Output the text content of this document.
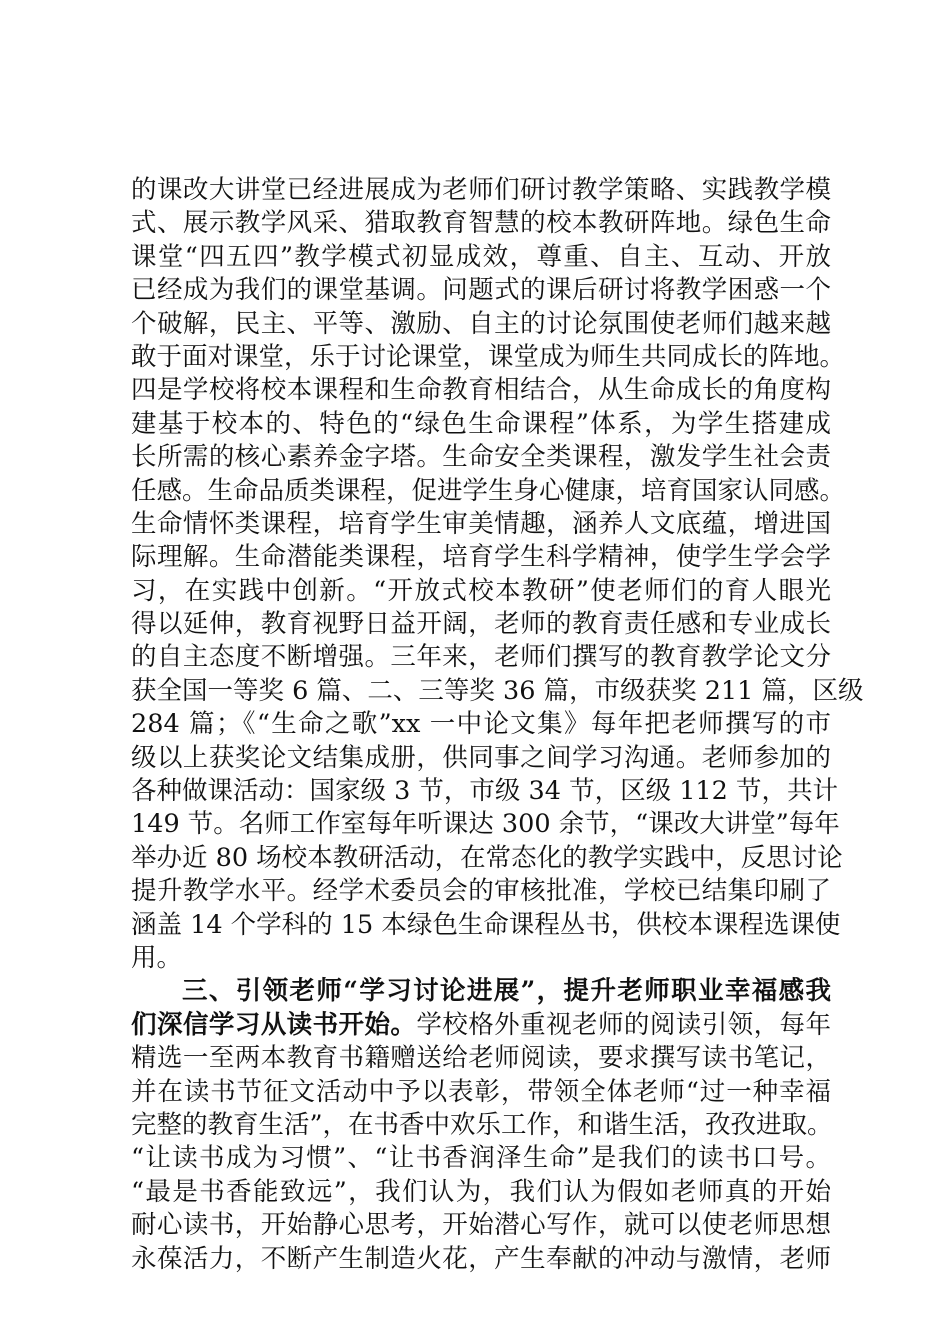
的课改大讲堂已经进展成为老师们研讨教学策略、实践教学模
式、展示教学风采、猎取教育智慧的校本教研阵地。绿色生命
课堂“四五四”教学模式初显成效，尊重、自主、互动、开放
已经成为我们的课堂基调。问题式的课后研讨将教学困惑一个
个破解，民主、平等、激励、自主的讨论氛围使老师们越来越
敢于面对课堂，乐于讨论课堂，课堂成为师生共同成长的阵地。
四是学校将校本课程和生命教育相结合，从生命成长的角度构
建基于校本的、特色的“绿色生命课程”体系，为学生搭建成
长所需的核心素养金字塔。生命安全类课程，激发学生社会责
任感。生命品质类课程，促进学生身心健康，培育国家认同感。
生命情怀类课程，培育学生审美情趣，涵养人文底蕴，增进国
际理解。生命潜能类课程，培育学生科学精神，使学生学会学
习，在实践中创新。“开放式校本教研”使老师们的育人眼光
得以延伸，教育视野日益开阔，老师的教育责任感和专业成长
的自主态度不断增强。三年来，老师们撰写的教育教学论文分
获全国一等奖 6 篇、二、三等奖 36 篇，市级获奖 211 篇，区级
284 篇；《“生命之歌”xx 一中论文集》每年把老师撰写的市
级以上获奖论文结集成册，供同事之间学习沟通。老师参加的
各种做课活动：国家级 3 节，市级 34 节，区级 112 节，共计
149 节。名师工作室每年听课达 300 余节，“课改大讲堂”每年
举办近 80 场校本教研活动，在常态化的教学实践中，反思讨论
提升教学水平。经学术委员会的审核批准，学校已结集印刷了
涵盖 14 个学科的 15 本绿色生命课程丛书，供校本课程选课使
用。
三、引领老师“学习讨论进展”，提升老师职业幸福感我
们深信学习从读书开始。学校格外重视老师的阅读引领，每年
精选一至两本教育书籍赠送给老师阅读，要求撰写读书笔记，
并在读书节征文活动中予以表彰，带领全体老师“过一种幸福
完整的教育生活”，在书香中欢乐工作，和谐生活，孜孜进取。
“让读书成为习惯”、“让书香润泽生命”是我们的读书口号。
“最是书香能致远”，我们认为，我们认为假如老师真的开始
耐心读书，开始静心思考，开始潜心写作，就可以使老师思想
永葆活力，不断产生制造火花，产生奉献的冲动与激情，老师
